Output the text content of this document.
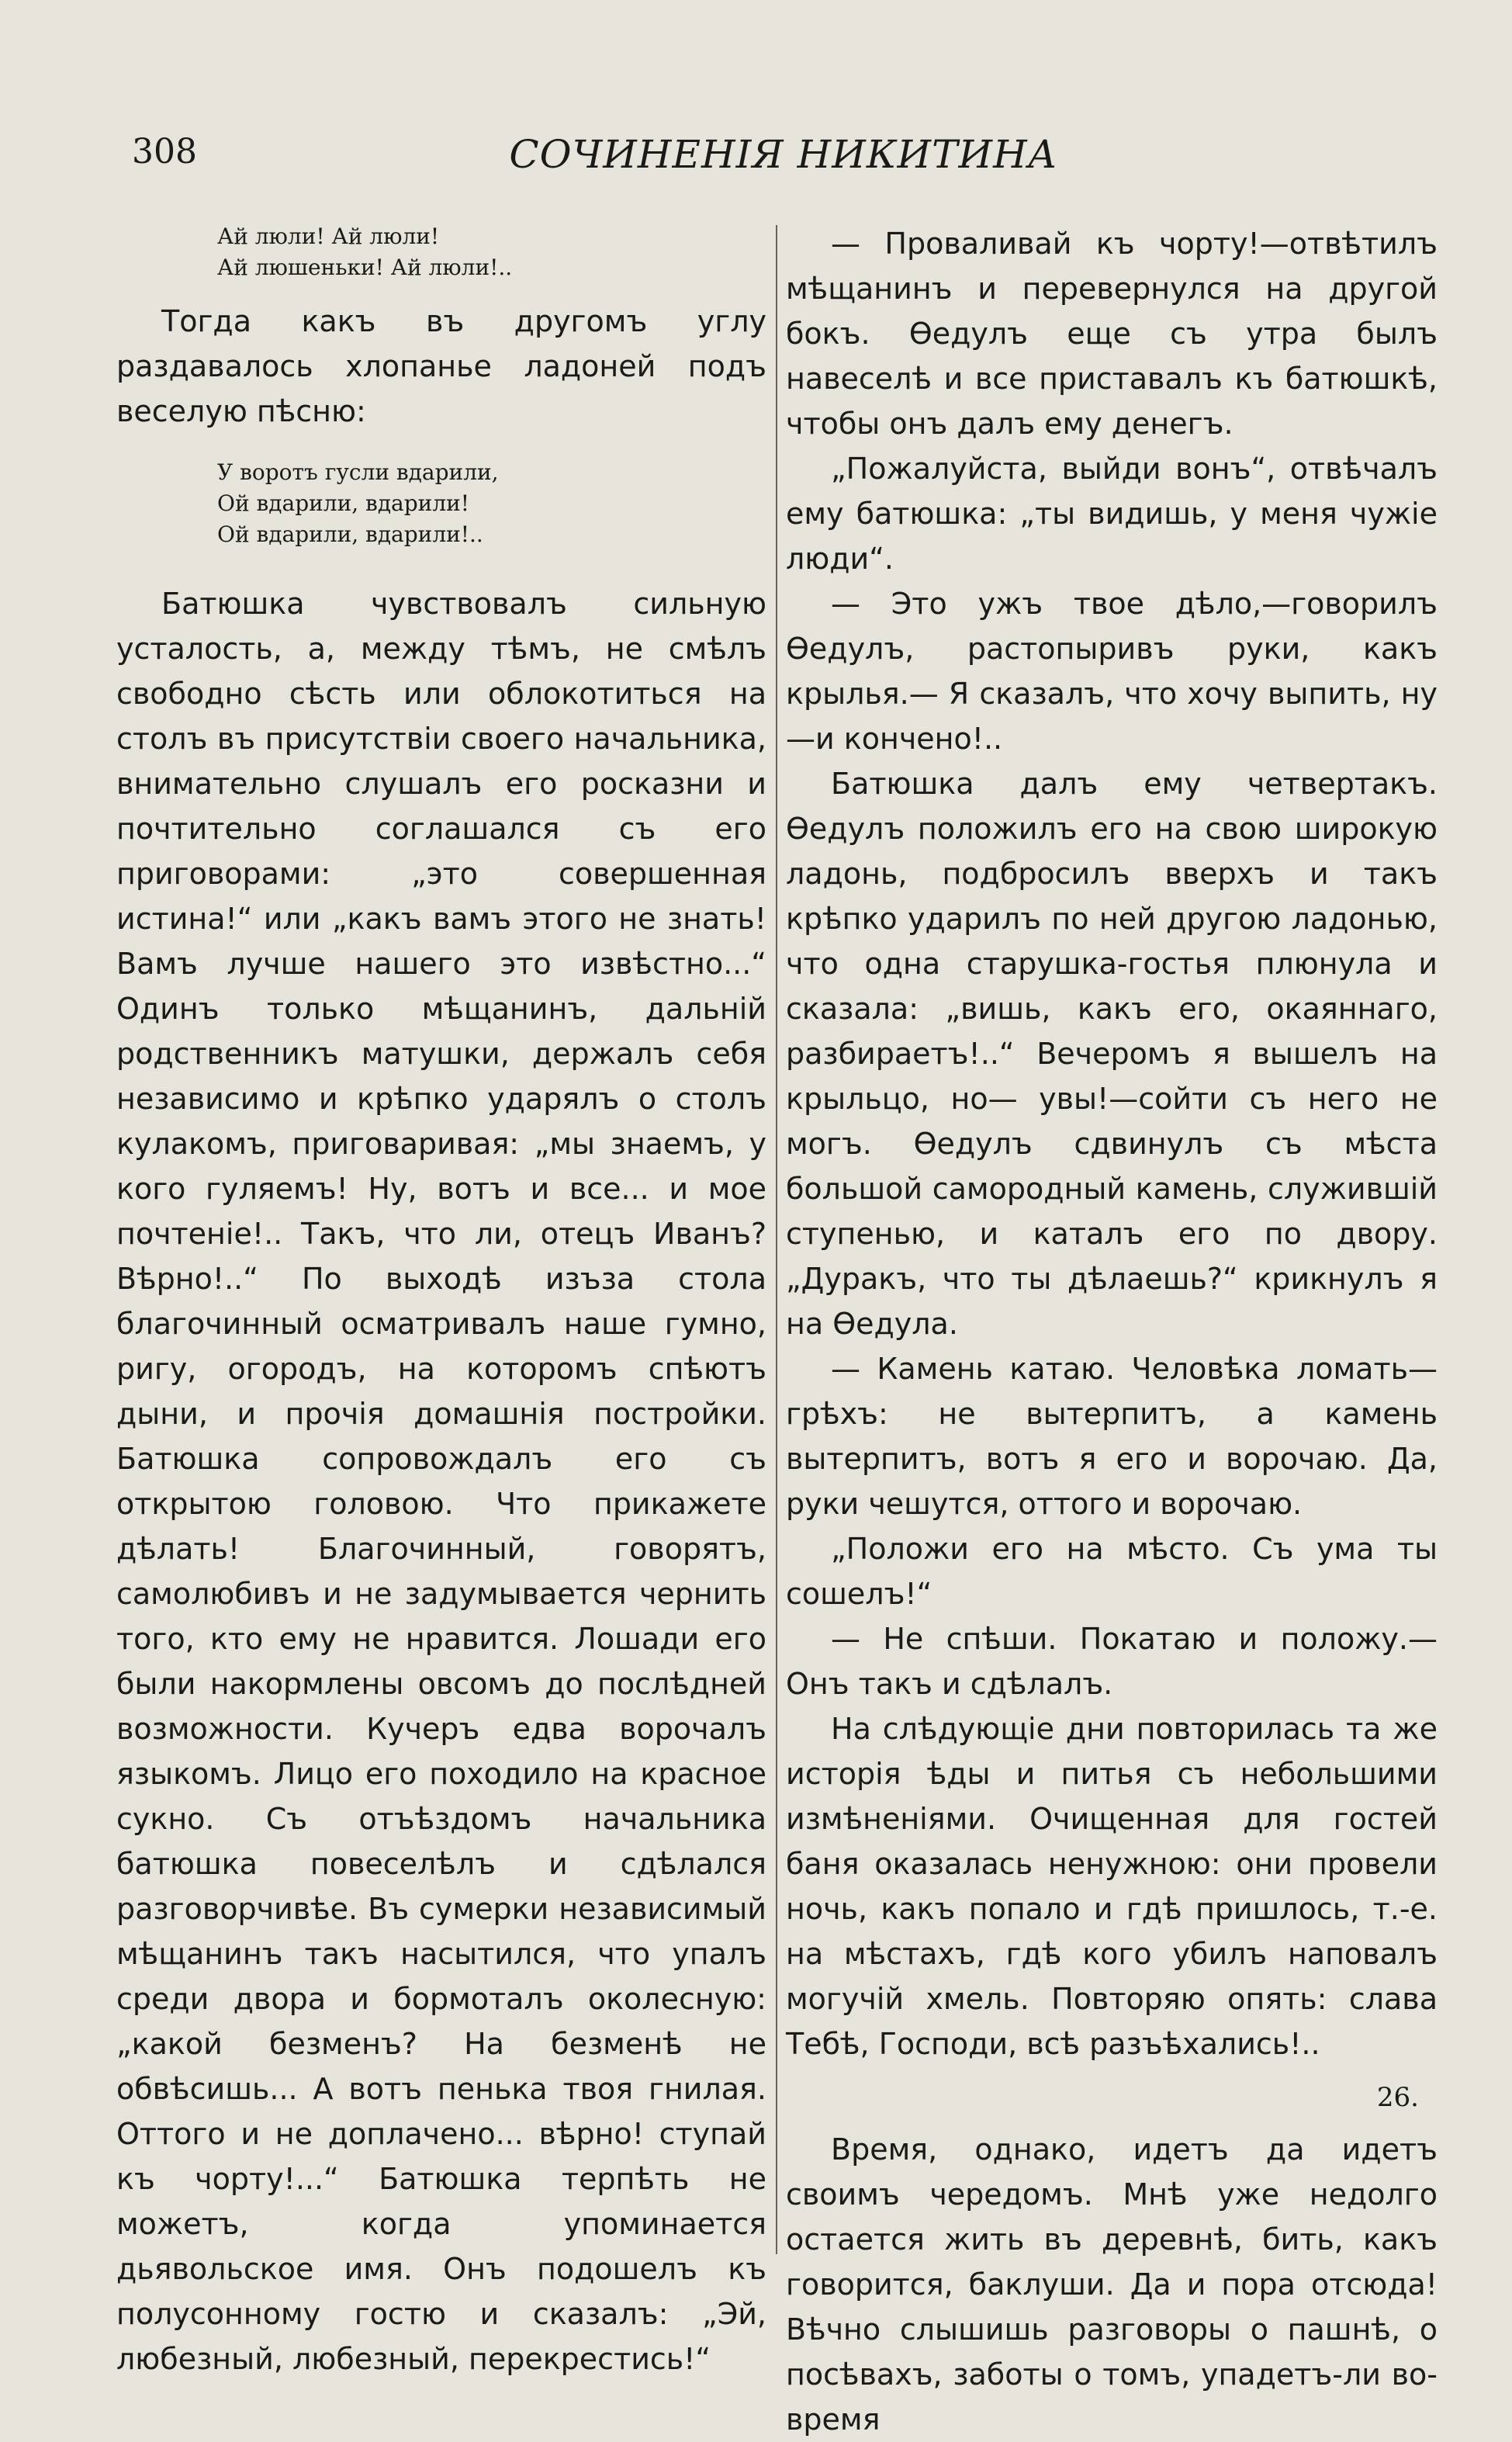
308	СОЧИНЕНІЯ НИКИТИНА
Ай люли! Ай люли!
Ай люшеньки! Ай люли!..

Тогда какъ въ другомъ углу раздавалось хлопанье ладоней подъ веселую пѣсню:

У воротъ гусли вдарили,
Ой вдарили, вдарили!
Ой вдарили, вдарили!..

Батюшка чувствовалъ сильную усталость, а, между тѣмъ, не смѣлъ свободно сѣсть или облокотиться на столъ въ присутствіи своего начальника, внимательно слушалъ его росказни и почтительно соглашался съ его приговорами: „это совершенная истина!“ или „какъ вамъ этого не знать! Вамъ лучше нашего это извѣстно...“ Одинъ только мѣщанинъ, дальній родственникъ матушки, держалъ себя независимо и крѣпко ударялъ о столъ кулакомъ, приговаривая: „мы знаемъ, у кого гуляемъ! Ну, вотъ и все... и мое почтеніе!.. Такъ, что ли, отецъ Иванъ? Вѣрно!..“ По выходѣ изъза стола благочинный осматривалъ наше гумно, ригу, огородъ, на которомъ спѣютъ дыни, и прочія домашнія постройки. Батюшка сопровождалъ его съ открытою головою. Что прикажете дѣлать! Благочинный, говорятъ, самолюбивъ и не задумывается чернить того, кто ему не нравится. Лошади его были накормлены овсомъ до послѣдней возможности. Кучеръ едва ворочалъ языкомъ. Лицо его походило на красное сукно. Съ отъѣздомъ начальника батюшка повеселѣлъ и сдѣлался разговорчивѣе. Въ сумерки независимый мѣщанинъ такъ насытился, что упалъ среди двора и бормоталъ околесную: „какой безменъ? На безменѣ не обвѣсишь... А вотъ пенька твоя гнилая. Оттого и не доплачено... вѣрно! ступай къ чорту!...“ Батюшка терпѣть не можетъ, когда упоминается дьявольское имя. Онъ подошелъ къ полусонному гостю и сказалъ: „Эй, любезный, любезный, перекрестись!“

— Проваливай къ чорту!—отвѣтилъ мѣщанинъ и перевернулся на другой бокъ. Өедулъ еще съ утра былъ навеселѣ и все приставалъ къ батюшкѣ, чтобы онъ далъ ему денегъ.

„Пожалуйста, выйди вонъ“, отвѣчалъ ему батюшка: „ты видишь, у меня чужіе люди“.

— Это ужъ твое дѣло,—говорилъ Өедулъ, растопыривъ руки, какъ крылья.— Я сказалъ, что хочу выпить, ну—и кончено!..

Батюшка далъ ему четвертакъ. Өедулъ положилъ его на свою широкую ладонь, подбросилъ вверхъ и такъ крѣпко ударилъ по ней другою ладонью, что одна старушка-гостья плюнула и сказала: „вишь, какъ его, окаяннаго, разбираетъ!..“ Вечеромъ я вышелъ на крыльцо, но— увы!—сойти съ него не могъ. Өедулъ сдвинулъ съ мѣста большой самородный камень, служившій ступенью, и каталъ его по двору. „Дуракъ, что ты дѣлаешь?“ крикнулъ я на Өедула.

— Камень катаю. Человѣка ломать— грѣхъ: не вытерпитъ, а камень вытерпитъ, вотъ я его и ворочаю. Да, руки чешутся, оттого и ворочаю.

„Положи его на мѣсто. Съ ума ты сошелъ!“

— Не спѣши. Покатаю и положу.— Онъ такъ и сдѣлалъ.

На слѣдующіе дни повторилась та же исторія ѣды и питья съ небольшими измѣненіями. Очищенная для гостей баня оказалась ненужною: они провели ночь, какъ попало и гдѣ пришлось, т.-е. на мѣстахъ, гдѣ кого убилъ наповалъ могучій хмель. Повторяю опять: слава Тебѣ, Господи, всѣ разъѣхались!..

26.

Время, однако, идетъ да идетъ своимъ чередомъ. Мнѣ уже недолго остается жить въ деревнѣ, бить, какъ говорится, баклуши. Да и пора отсюда! Вѣчно слышишь разговоры о пашнѣ, о посѣвахъ, заботы о томъ, упадетъ-ли во-время
